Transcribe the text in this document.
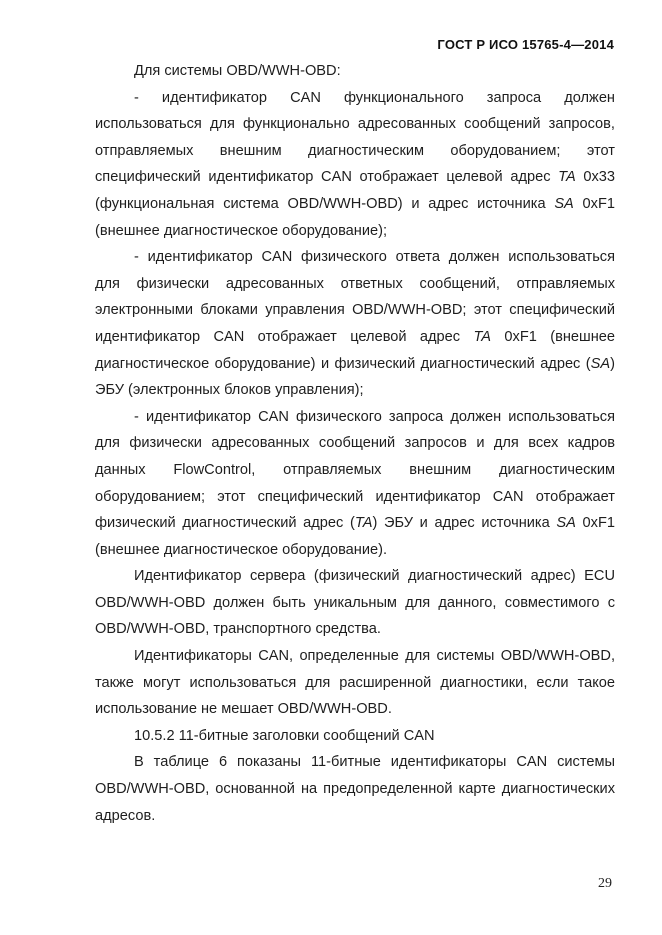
ГОСТ Р ИСО 15765-4—2014

Для системы OBD/WWH-OBD:

- идентификатор CAN функционального запроса должен использоваться для функционально адресованных сообщений запросов, отправляемых внешним диагностическим оборудованием; этот специфический идентификатор CAN отображает целевой адрес TA 0x33 (функциональная система OBD/WWH-OBD) и адрес источника SA 0xF1 (внешнее диагностическое оборудование);

- идентификатор CAN физического ответа должен использоваться для физически адресованных ответных сообщений, отправляемых электронными блоками управления OBD/WWH-OBD; этот специфический идентификатор CAN отображает целевой адрес TA 0xF1 (внешнее диагностическое оборудование) и физический диагностический адрес (SA) ЭБУ (электронных блоков управления);

- идентификатор CAN физического запроса должен использоваться для физически адресованных сообщений запросов и для всех кадров данных FlowControl, отправляемых внешним диагностическим оборудованием; этот специфический идентификатор CAN отображает физический диагностический адрес (TA) ЭБУ и адрес источника SA 0xF1 (внешнее диагностическое оборудование).

Идентификатор сервера (физический диагностический адрес) ECU OBD/WWH-OBD должен быть уникальным для данного, совместимого с OBD/WWH-OBD, транспортного средства.

Идентификаторы CAN, определенные для системы OBD/WWH-OBD, также могут использоваться для расширенной диагностики, если такое использование не мешает OBD/WWH-OBD.

10.5.2 11-битные заголовки сообщений CAN

В таблице 6 показаны 11-битные идентификаторы CAN системы OBD/WWH-OBD, основанной на предопределенной карте диагностических адресов.

29
